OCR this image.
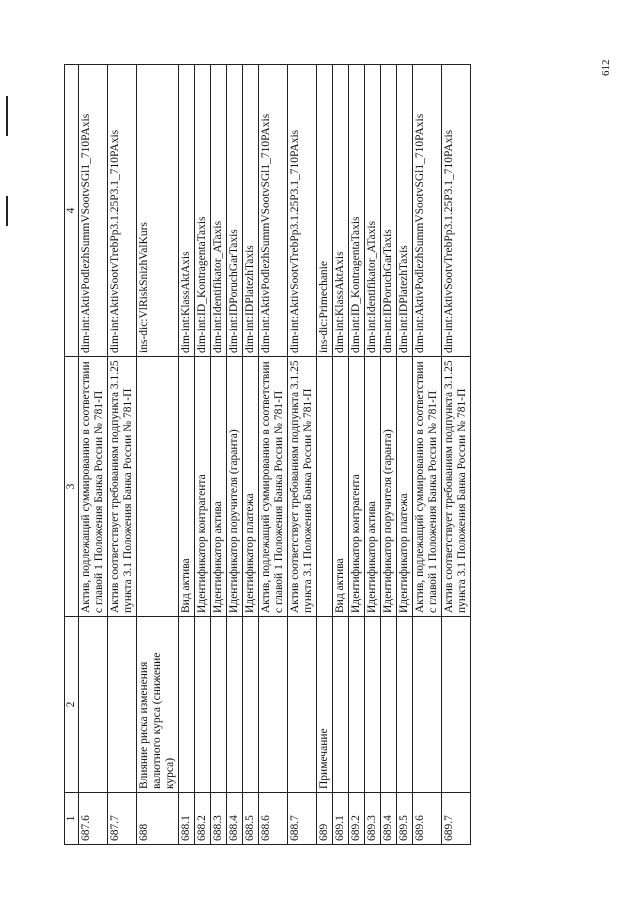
612
1	2	3	4
687.6		Актив, подлежащий суммированию в соответствии с главой 1 Положения Банка России № 781-П	dim-int:AktivPodlezhSummVSootvSGl1_710PAxis
687.7		Актив соответствует требованиям подпункта 3.1.25 пункта 3.1 Положения Банка России № 781-П	dim-int:AktivSootvTrebPp3.1.25P3.1_710PAxis
688	Влияние риска изменения валютного курса (снижение курса)		ins-dic:VlRiskSnizhValKurs
688.1		Вид актива	dim-int:KlassAktAxis
688.2		Идентификатор контрагента	dim-int:ID_KontragentaTaxis
688.3		Идентификатор актива	dim-int:Identifikator_ATaxis
688.4		Идентификатор поручителя (гаранта)	dim-int:IDPoruchGarTaxis
688.5		Идентификатор платежа	dim-int:IDPlatezhTaxis
688.6		Актив, подлежащий суммированию в соответствии с главой 1 Положения Банка России № 781-П	dim-int:AktivPodlezhSummVSootvSGl1_710PAxis
688.7		Актив соответствует требованиям подпункта 3.1.25 пункта 3.1 Положения Банка России № 781-П	dim-int:AktivSootvTrebPp3.1.25P3.1_710PAxis
689	Примечание		ins-dic:Primechanie
689.1		Вид актива	dim-int:KlassAktAxis
689.2		Идентификатор контрагента	dim-int:ID_KontragentaTaxis
689.3		Идентификатор актива	dim-int:Identifikator_ATaxis
689.4		Идентификатор поручителя (гаранта)	dim-int:IDPoruchGarTaxis
689.5		Идентификатор платежа	dim-int:IDPlatezhTaxis
689.6		Актив, подлежащий суммированию в соответствии с главой 1 Положения Банка России № 781-П	dim-int:AktivPodlezhSummVSootvSGl1_710PAxis
689.7		Актив соответствует требованиям подпункта 3.1.25 пункта 3.1 Положения Банка России № 781-П	dim-int:AktivSootvTrebPp3.1.25P3.1_710PAxis
